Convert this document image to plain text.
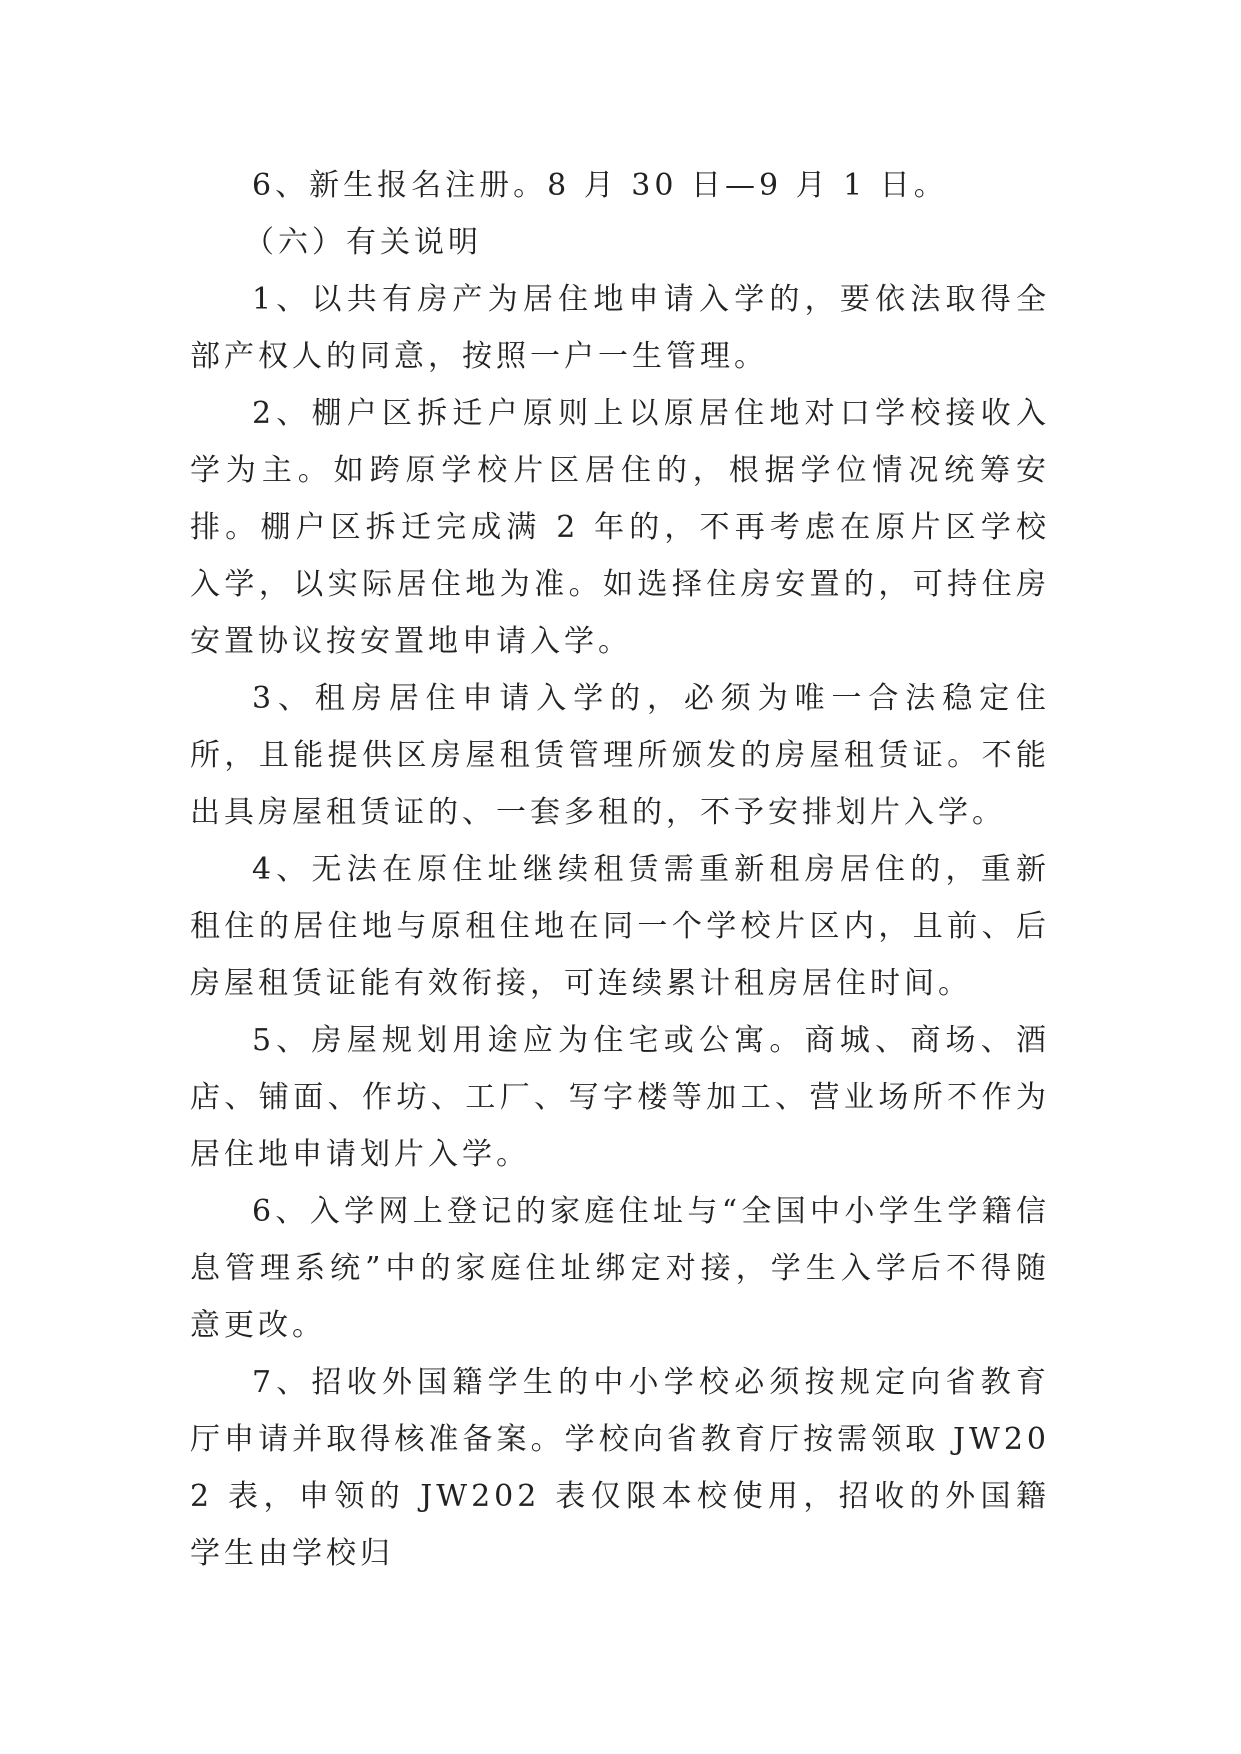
6、新生报名注册。8 月 30 日—9 月 1 日。

（六）有关说明

1、以共有房产为居住地申请入学的，要依法取得全部产权人的同意，按照一户一生管理。

2、棚户区拆迁户原则上以原居住地对口学校接收入学为主。如跨原学校片区居住的，根据学位情况统筹安排。棚户区拆迁完成满 2 年的，不再考虑在原片区学校入学，以实际居住地为准。如选择住房安置的，可持住房安置协议按安置地申请入学。

3、租房居住申请入学的，必须为唯一合法稳定住所，且能提供区房屋租赁管理所颁发的房屋租赁证。不能出具房屋租赁证的、一套多租的，不予安排划片入学。

4、无法在原住址继续租赁需重新租房居住的，重新租住的居住地与原租住地在同一个学校片区内，且前、后房屋租赁证能有效衔接，可连续累计租房居住时间。

5、房屋规划用途应为住宅或公寓。商城、商场、酒店、铺面、作坊、工厂、写字楼等加工、营业场所不作为居住地申请划片入学。

6、入学网上登记的家庭住址与“全国中小学生学籍信息管理系统”中的家庭住址绑定对接，学生入学后不得随意更改。

7、招收外国籍学生的中小学校必须按规定向省教育厅申请并取得核准备案。学校向省教育厅按需领取 JW202 表，申领的 JW202 表仅限本校使用，招收的外国籍学生由学校归
